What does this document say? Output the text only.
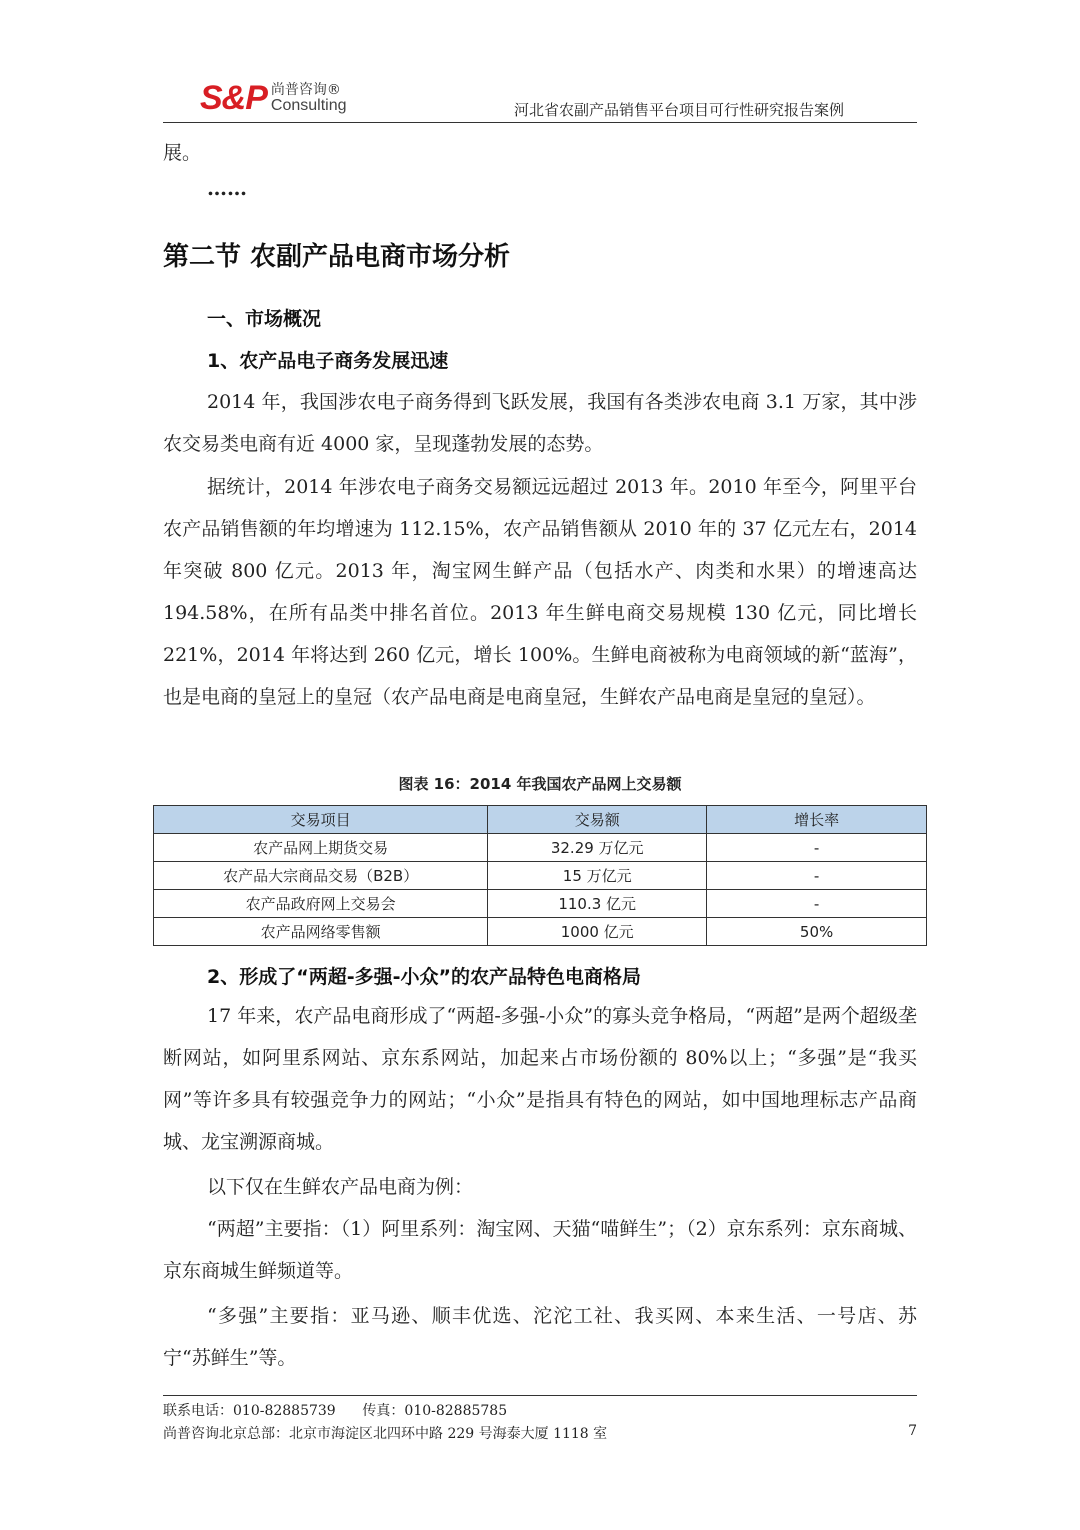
S&P 尚普咨询®
Consulting	河北省农副产品销售平台项目可行性研究报告案例
展。
……
第二节 农副产品电商市场分析
一、市场概况
1、农产品电子商务发展迅速
2014 年，我国涉农电子商务得到飞跃发展，我国有各类涉农电商 3.1 万家，其中涉农交易类电商有近 4000 家，呈现蓬勃发展的态势。
据统计，2014 年涉农电子商务交易额远远超过 2013 年。2010 年至今，阿里平台农产品销售额的年均增速为 112.15%，农产品销售额从 2010 年的 37 亿元左右，2014 年突破 800 亿元。2013 年，淘宝网生鲜产品（包括水产、肉类和水果）的增速高达 194.58%，在所有品类中排名首位。2013 年生鲜电商交易规模 130 亿元，同比增长 221%，2014 年将达到 260 亿元，增长 100%。生鲜电商被称为电商领域的新“蓝海”，也是电商的皇冠上的皇冠（农产品电商是电商皇冠，生鲜农产品电商是皇冠的皇冠）。
图表 16：2014 年我国农产品网上交易额
交易项目	交易额	增长率
农产品网上期货交易	32.29 万亿元	-
农产品大宗商品交易（B2B）	15 万亿元	-
农产品政府网上交易会	110.3 亿元	-
农产品网络零售额	1000 亿元	50%
2、形成了“两超-多强-小众”的农产品特色电商格局
17 年来，农产品电商形成了“两超-多强-小众”的寡头竞争格局，“两超”是两个超级垄断网站，如阿里系网站、京东系网站，加起来占市场份额的 80%以上；“多强”是“我买网”等许多具有较强竞争力的网站；“小众”是指具有特色的网站，如中国地理标志产品商城、龙宝溯源商城。
以下仅在生鲜农产品电商为例：
“两超”主要指：（1）阿里系列：淘宝网、天猫“喵鲜生”；（2）京东系列：京东商城、京东商城生鲜频道等。
“多强”主要指：亚马逊、顺丰优选、沱沱工社、我买网、本来生活、一号店、苏宁“苏鲜生”等。
联系电话：010-82885739      传真：010-82885785
尚普咨询北京总部：北京市海淀区北四环中路 229 号海泰大厦 1118 室	7
